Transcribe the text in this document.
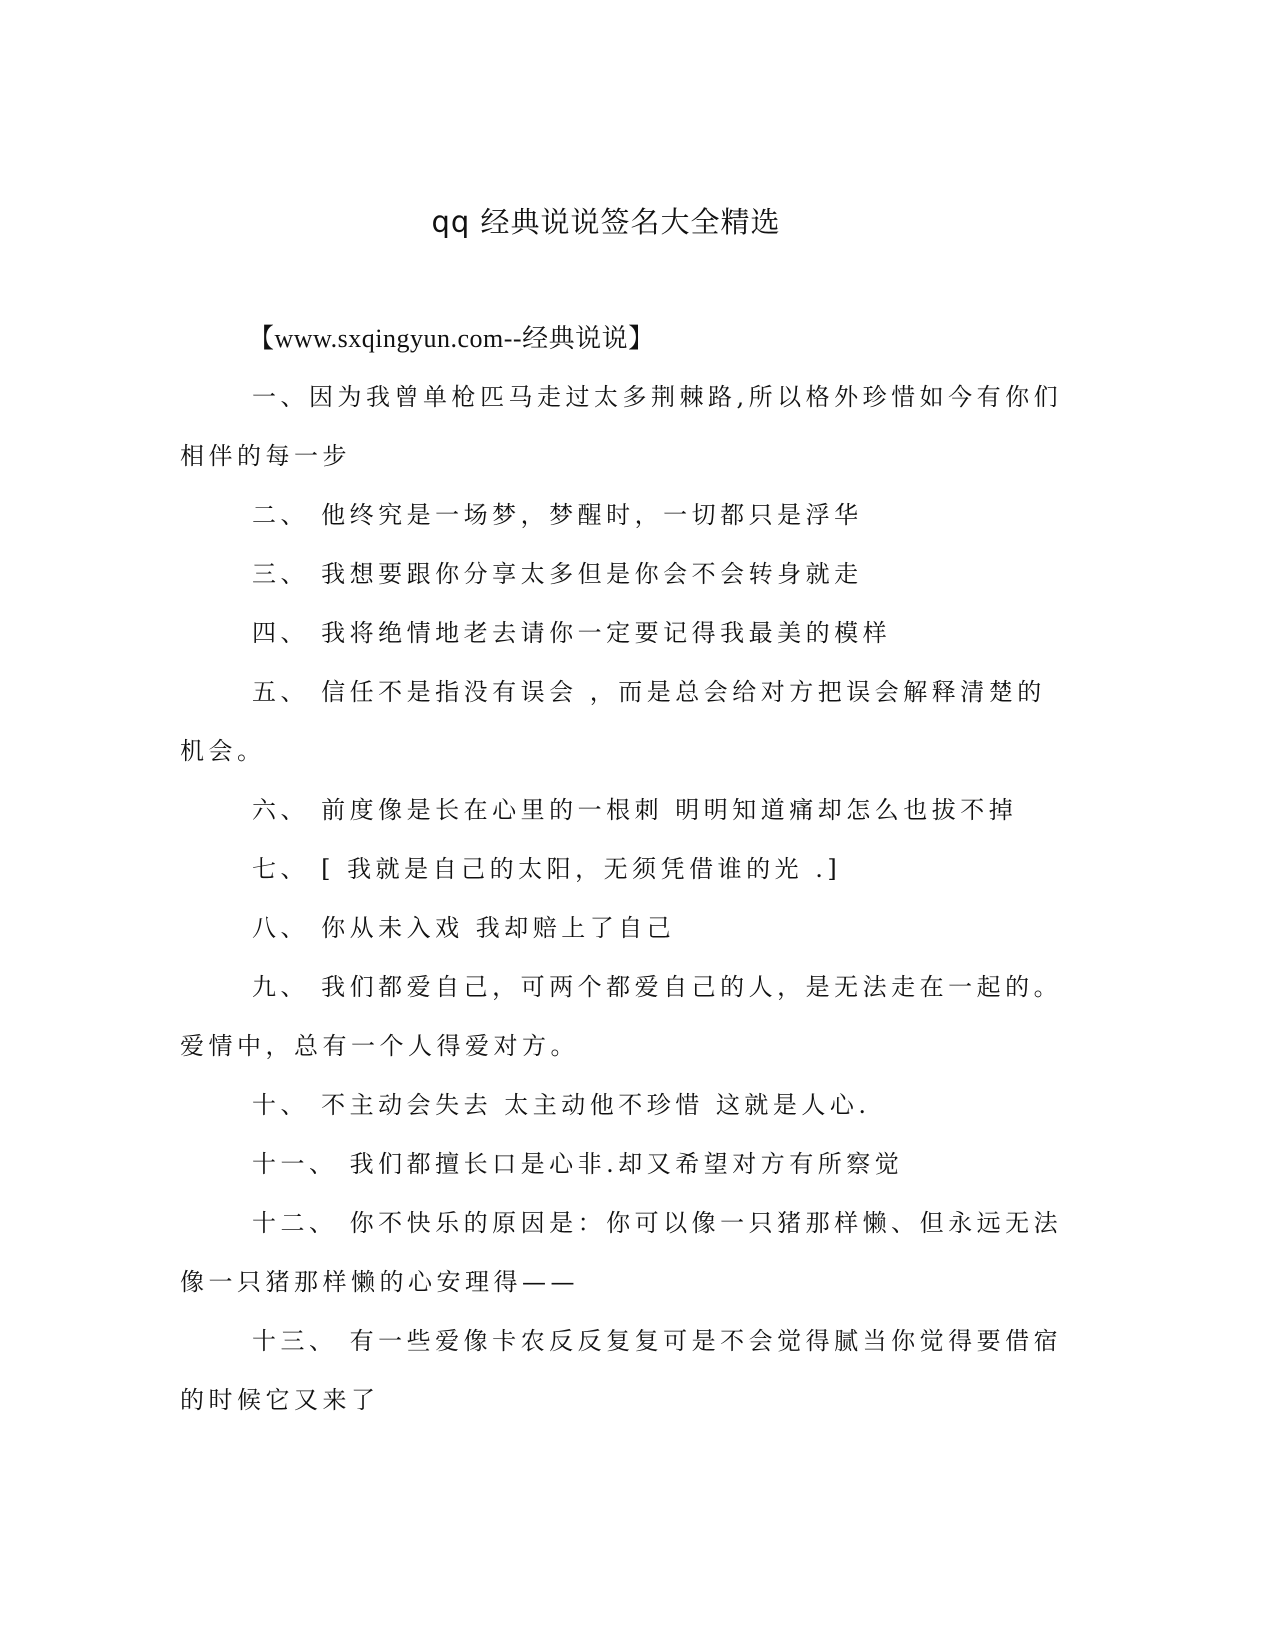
qq 经典说说签名大全精选
【www.sxqingyun.com--经典说说】
一、因为我曾单枪匹马走过太多荆棘路,所以格外珍惜如今有你们
相伴的每一步
二、 他终究是一场梦，梦醒时，一切都只是浮华
三、 我想要跟你分享太多但是你会不会转身就走
四、 我将绝情地老去请你一定要记得我最美的模样
五、 信任不是指没有误会 ，而是总会给对方把误会解释清楚的
机会。
六、 前度像是长在心里的一根刺 明明知道痛却怎么也拔不掉
七、 [ 我就是自己的太阳，无须凭借谁的光 .]
八、 你从未入戏 我却赔上了自己
九、 我们都爱自己，可两个都爱自己的人，是无法走在一起的。
爱情中，总有一个人得爱对方。
十、 不主动会失去 太主动他不珍惜 这就是人心.
十一、 我们都擅长口是心非.却又希望对方有所察觉
十二、 你不快乐的原因是：你可以像一只猪那样懒、但永远无法
像一只猪那样懒的心安理得——
十三、 有一些爱像卡农反反复复可是不会觉得腻当你觉得要借宿
的时候它又来了
